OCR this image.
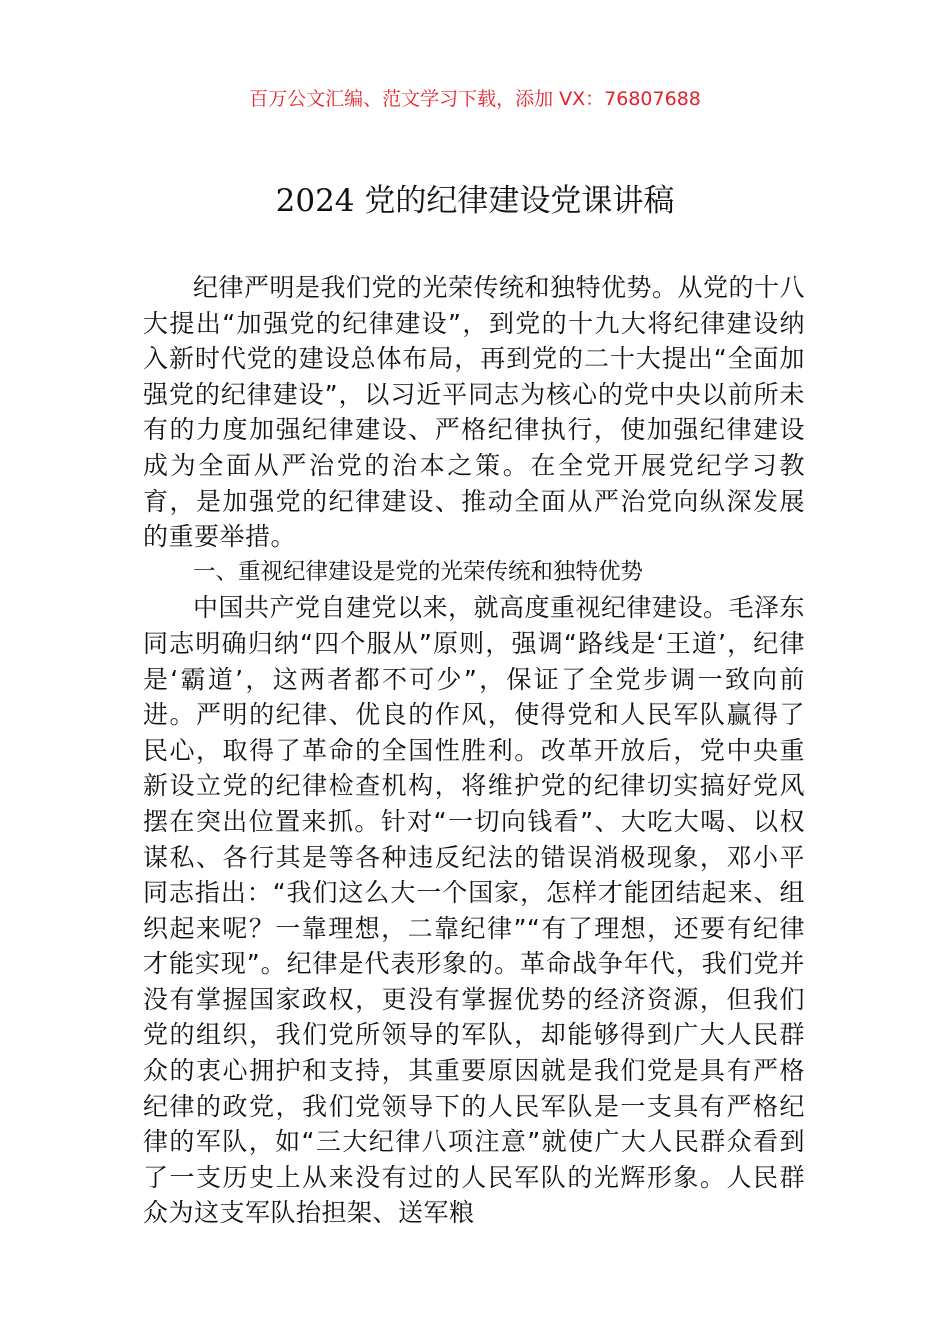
百万公文汇编、范文学习下载，添加 VX：76807688
2024 党的纪律建设党课讲稿

纪律严明是我们党的光荣传统和独特优势。从党的十八大提出“加强党的纪律建设”，到党的十九大将纪律建设纳入新时代党的建设总体布局，再到党的二十大提出“全面加强党的纪律建设”，以习近平同志为核心的党中央以前所未有的力度加强纪律建设、严格纪律执行，使加强纪律建设成为全面从严治党的治本之策。在全党开展党纪学习教育，是加强党的纪律建设、推动全面从严治党向纵深发展的重要举措。

一、重视纪律建设是党的光荣传统和独特优势

中国共产党自建党以来，就高度重视纪律建设。毛泽东同志明确归纳“四个服从”原则，强调“路线是‘王道’，纪律是‘霸道’，这两者都不可少”，保证了全党步调一致向前进。严明的纪律、优良的作风，使得党和人民军队赢得了民心，取得了革命的全国性胜利。改革开放后，党中央重新设立党的纪律检查机构，将维护党的纪律切实搞好党风摆在突出位置来抓。针对“一切向钱看”、大吃大喝、以权谋私、各行其是等各种违反纪法的错误消极现象，邓小平同志指出：“我们这么大一个国家，怎样才能团结起来、组织起来呢？一靠理想，二靠纪律”“有了理想，还要有纪律才能实现”。纪律是代表形象的。革命战争年代，我们党并没有掌握国家政权，更没有掌握优势的经济资源，但我们党的组织，我们党所领导的军队，却能够得到广大人民群众的衷心拥护和支持，其重要原因就是我们党是具有严格纪律的政党，我们党领导下的人民军队是一支具有严格纪律的军队，如“三大纪律八项注意”就使广大人民群众看到了一支历史上从来没有过的人民军队的光辉形象。人民群众为这支军队抬担架、送军粮
